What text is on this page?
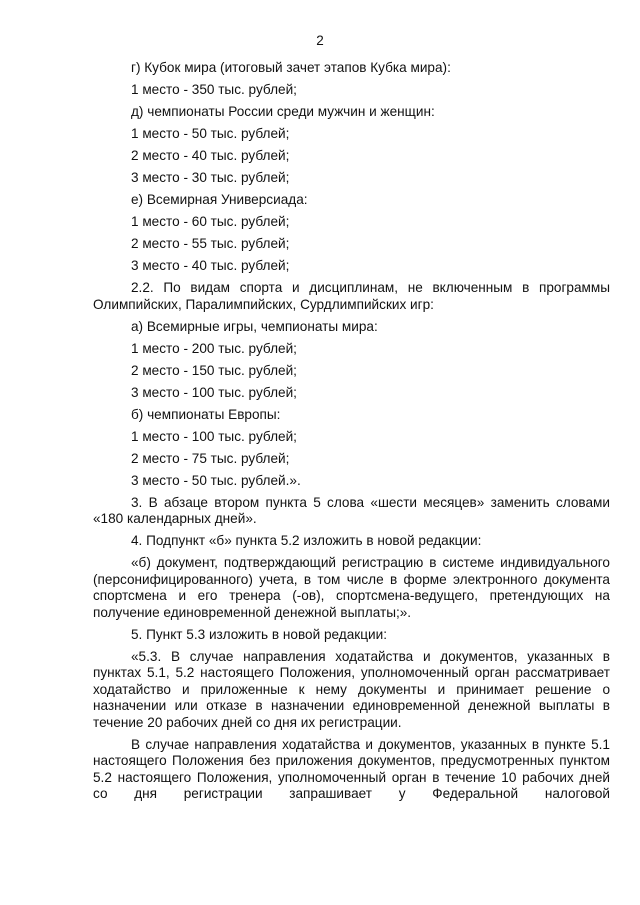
2

г) Кубок мира (итоговый зачет этапов Кубка мира):

1 место - 350 тыс. рублей;

д) чемпионаты России среди мужчин и женщин:

1 место - 50 тыс. рублей;

2 место - 40 тыс. рублей;

3 место - 30 тыс. рублей;

е) Всемирная Универсиада:

1 место - 60 тыс. рублей;

2 место - 55 тыс. рублей;

3 место - 40 тыс. рублей;

2.2. По видам спорта и дисциплинам, не включенным в программы Олимпийских, Паралимпийских, Сурдлимпийских игр:

а) Всемирные игры, чемпионаты мира:

1 место - 200 тыс. рублей;

2 место - 150 тыс. рублей;

3 место - 100 тыс. рублей;

б) чемпионаты Европы:

1 место - 100 тыс. рублей;

2 место - 75 тыс. рублей;

3 место - 50 тыс. рублей.».

3. В абзаце втором пункта 5 слова «шести месяцев» заменить словами «180 календарных дней».

4. Подпункт «б» пункта 5.2 изложить в новой редакции:

«б) документ, подтверждающий регистрацию в системе индивидуального (персонифицированного) учета, в том числе в форме электронного документа спортсмена и его тренера (-ов), спортсмена-ведущего, претендующих на получение единовременной денежной выплаты;».

5. Пункт 5.3 изложить в новой редакции:

«5.3. В случае направления ходатайства и документов, указанных в пунктах 5.1, 5.2 настоящего Положения, уполномоченный орган рассматривает ходатайство и приложенные к нему документы и принимает решение о назначении или отказе в назначении единовременной денежной выплаты в течение 20 рабочих дней со дня их регистрации.

В случае направления ходатайства и документов, указанных в пункте 5.1 настоящего Положения без приложения документов, предусмотренных пунктом 5.2 настоящего Положения, уполномоченный орган в течение 10 рабочих дней со дня регистрации запрашивает у Федеральной налоговой
